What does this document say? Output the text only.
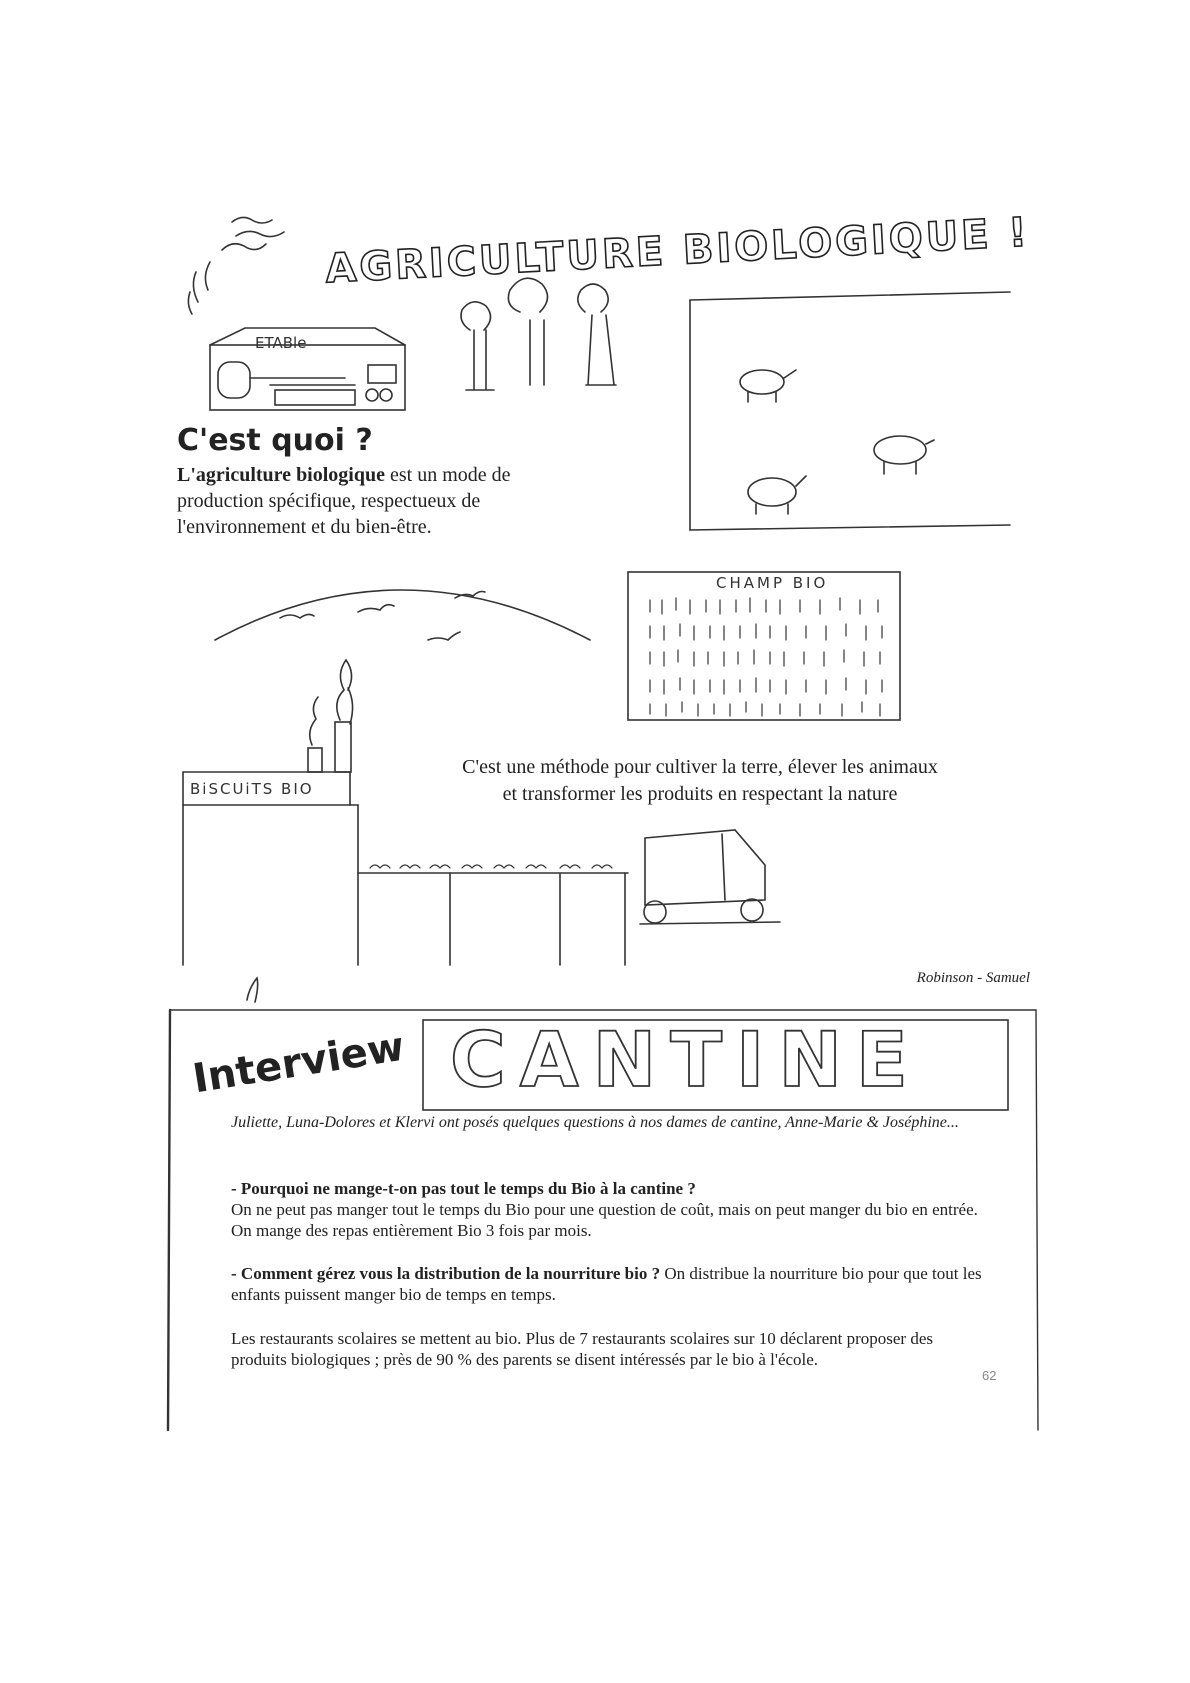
AGRICULTURE BIOLOGIQUE !
ETABle
CHAMP BIO
BiSCUiTS BIO
C'est quoi ?
L'agriculture biologique est un mode de production spécifique, respectueux de l'environnement et du bien-être.
C'est une méthode pour cultiver la terre, élever les animaux
et transformer les produits en respectant la nature
Robinson - Samuel
Interview CANTINE
Juliette, Luna-Dolores et Klervi ont posés quelques questions à nos dames de cantine, Anne-Marie & Joséphine...
- Pourquoi ne mange-t-on pas tout le temps du Bio à la cantine ?
On ne peut pas manger tout le temps du Bio pour une question de coût, mais on peut manger du bio en entrée. On mange des repas entièrement Bio 3 fois par mois.
- Comment gérez vous la distribution de la nourriture bio ? On distribue la nourriture bio pour que tout les enfants puissent manger bio de temps en temps.
Les restaurants scolaires se mettent au bio. Plus de 7 restaurants scolaires sur 10 déclarent proposer des produits biologiques ; près de 90 % des parents se disent intéressés par le bio à l'école.
62
